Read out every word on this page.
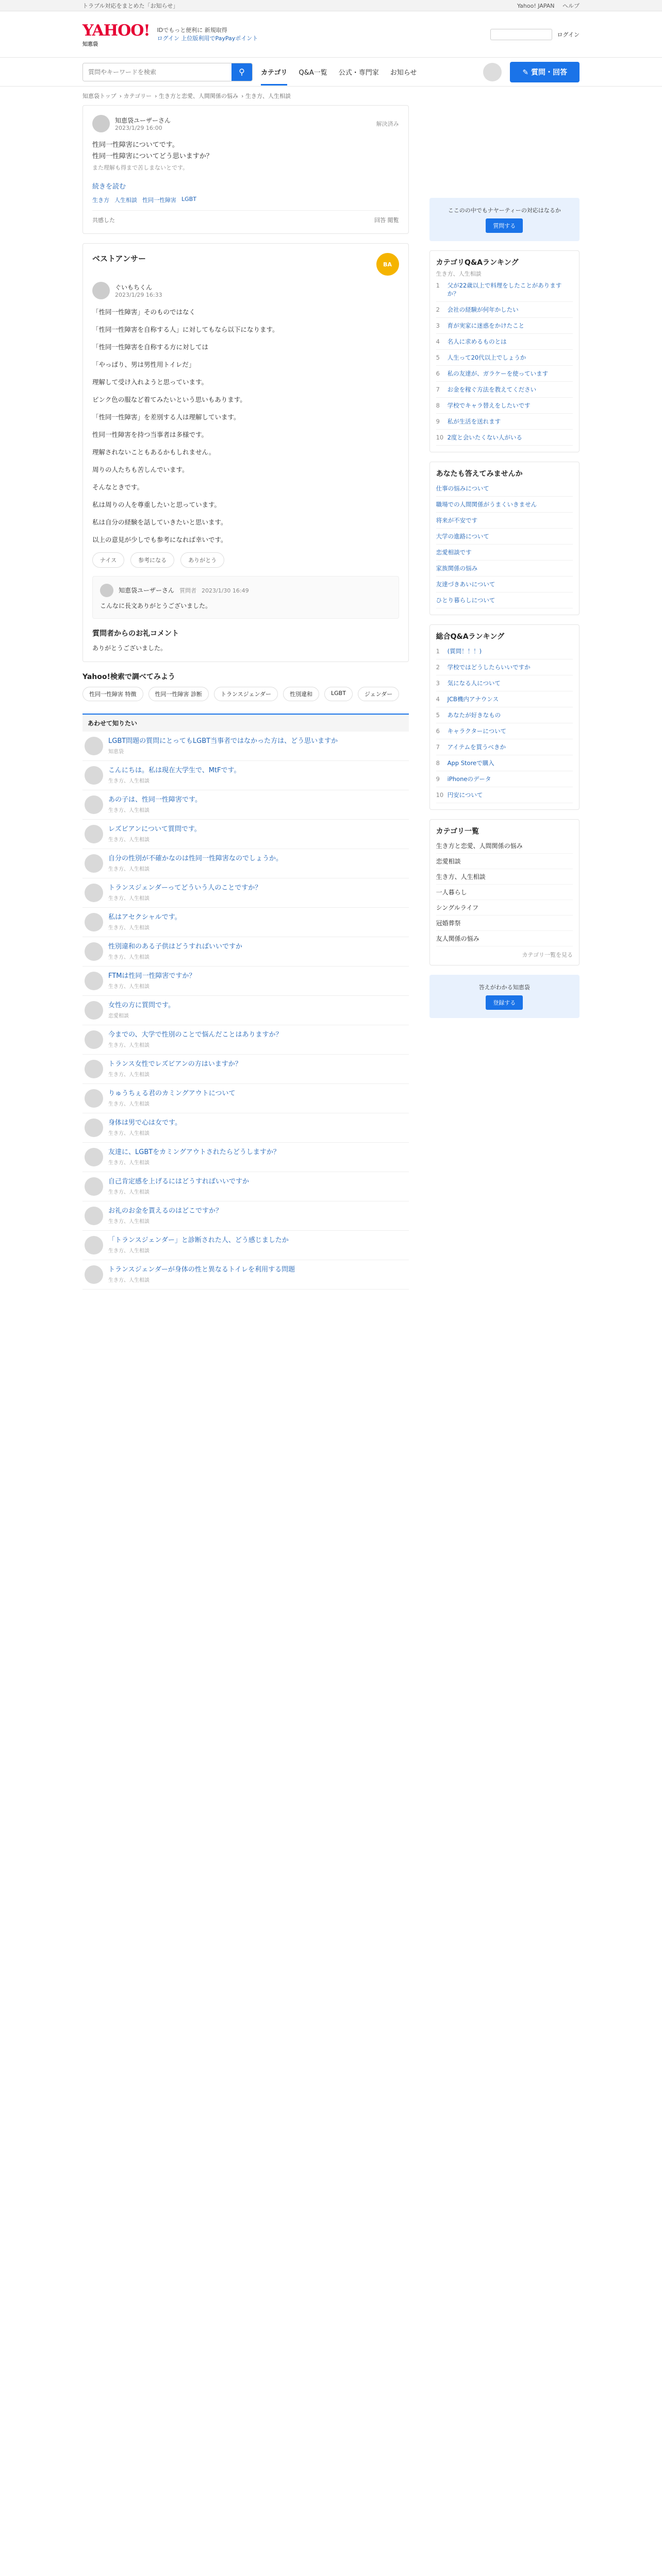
トラブル対応をまとめた「お知らせ」	Yahoo! JAPAN ヘルプ
YAHOO!
知恵袋
IDでもっと便利に 新規取得
ログイン 上位版利用でPayPayポイント
ログイン
質問やキーワードを検索
⚲	カテゴリ Q&A一覧 公式・専門家 お知らせ	✎ 質問・回答
知恵袋トップ › カテゴリー › 生き方と恋愛、人間関係の悩み › 生き方、人生相談
知恵袋ユーザーさん
2023/1/29 16:00
解決済み

性同一性障害についてです。

性同一性障害についてどう思いますか？

また理解も得まで苦しまないとです。

続きを読む
生き方 人生相談 性同一性障害 LGBT
共感した	回答 閲覧
ベストアンサー
BA
ぐいもちくん
2023/1/29 16:33

「性同一性障害」そのものではなく

「性同一性障害を自称する人」に対してもなら以下になります。

「性同一性障害を自称する方に対しては

「やっぱり、男は男性用トイレだ」

理解して受け入れようと思っています。

ピンク色の服など着てみたいという思いもあります。

「性同一性障害」を差別する人は理解しています。

性同一性障害を持つ当事者は多様です。

理解されないこともあるかもしれません。

周りの人たちも苦しんでいます。

そんなときです。

私は周りの人を尊重したいと思っています。

私は自分の経験を話していきたいと思います。

以上の意見が少しでも参考になれば幸いです。

ナイス	参考になる	ありがとう
知恵袋ユーザーさん 質問者 2023/1/30 16:49

こんなに長文ありがとうございました。

質問者からのお礼コメント

ありがとうございました。

Yahoo!検索で調べてみよう
性同一性障害 特徴	性同一性障害 診断	トランスジェンダー	性別違和	LGBT	ジェンダー
あわせて知りたい
LGBT問題の質問にとってもLGBT当事者ではなかった方は、どう思いますか
知恵袋
こんにちは。私は現在大学生で、MtFです。
生き方、人生相談
あの子は、性同一性障害です。
生き方、人生相談
レズビアンについて質問です。
生き方、人生相談
自分の性別が不確かなのは性同一性障害なのでしょうか。
生き方、人生相談
トランスジェンダーってどういう人のことですか？
生き方、人生相談
私はアセクシャルです。
生き方、人生相談
性別違和のある子供はどうすればいいですか
生き方、人生相談
FTMは性同一性障害ですか？
生き方、人生相談
女性の方に質問です。
恋愛相談
今までの、大学で性別のことで悩んだことはありますか？
生き方、人生相談
トランス女性でレズビアンの方はいますか？
生き方、人生相談
りゅうちぇる君のカミングアウトについて
生き方、人生相談
身体は男で心は女です。
生き方、人生相談
友達に、LGBTをカミングアウトされたらどうしますか？
生き方、人生相談
自己肯定感を上げるにはどうすればいいですか
生き方、人生相談
お礼のお金を貰えるのはどこですか？
生き方、人生相談
「トランスジェンダー」と診断された人、どう感じましたか
生き方、人生相談
トランスジェンダーが身体の性と異なるトイレを利用する問題
生き方、人生相談
ここのの中でもナヤーティーの対応はなるか
質問する
カテゴリQ&Aランキング
生き方、人生相談
1	父が22歳以上で料理をしたことがありますか？
2	会社の経験が何年かしたい
3	育が実家に迷惑をかけたこと
4	名人に求めるものとは
5	人生って20代以上でしょうか
6	私の友達が、ガラケーを使っています
7	お金を稼ぐ方法を教えてください
8	学校でキャラ替えをしたいです
9	私が生活を送れます
10 2度と会いたくない人がいる
あなたも答えてみませんか
仕事の悩みについて
職場での人間関係がうまくいきません
将来が不安です
大学の進路について
恋愛相談です
家族関係の悩み
友達づきあいについて
ひとり暮らしについて
総合Q&Aランキング
1	(質問！！！)
2	学校ではどうしたらいいですか
3	気になる人について
4	JCB機内アナウンス
5	あなたが好きなもの
6	キャラクターについて
7	アイテムを買うべきか
8	App Storeで購入
9	iPhoneのデータ
10 円安について
カテゴリ一覧
生き方と恋愛、人間関係の悩み
恋愛相談
生き方、人生相談
一人暮らし
シングルライフ
冠婚葬祭
友人関係の悩み
カテゴリ一覧を見る
答えがわかる知恵袋
登録する
